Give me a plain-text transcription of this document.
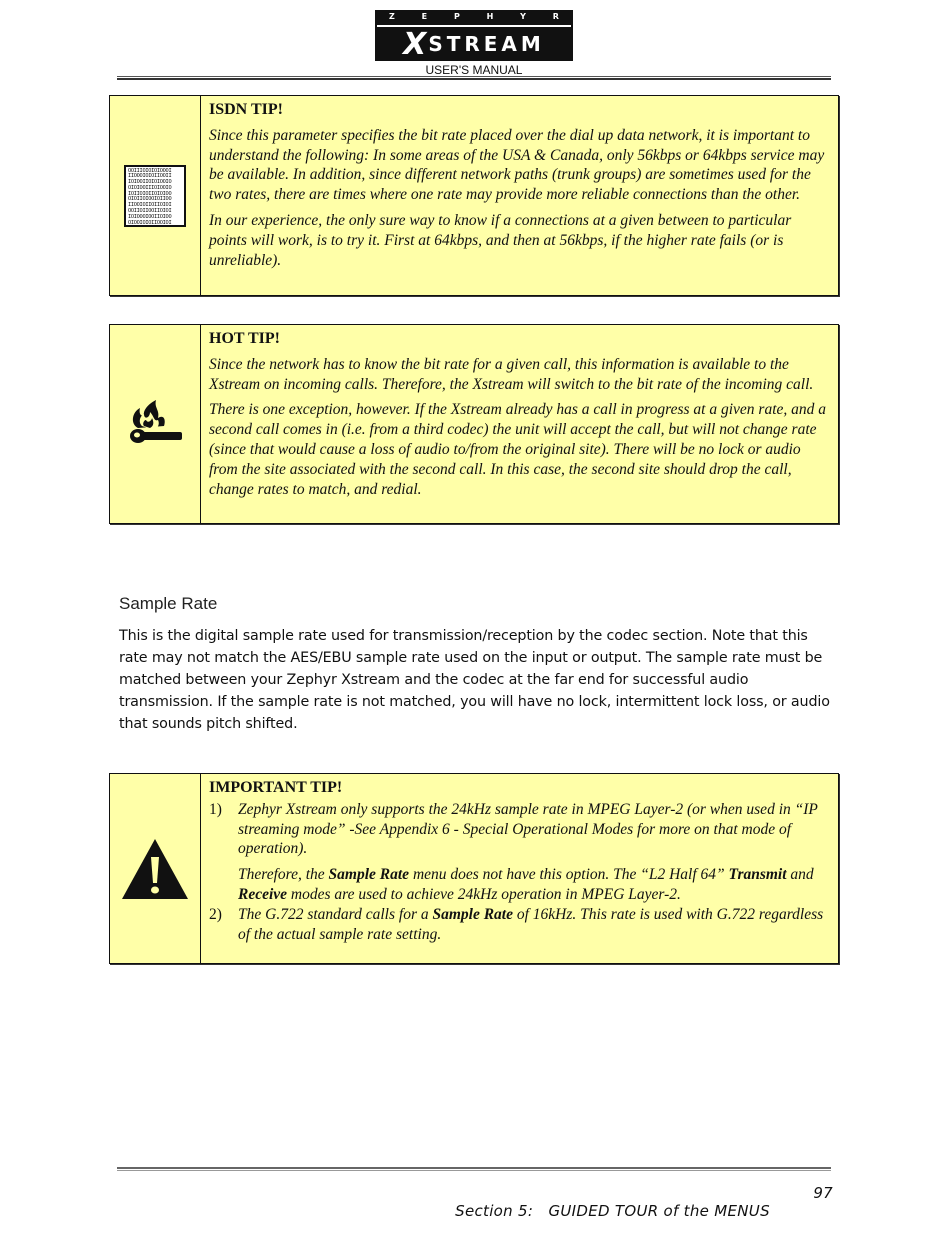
Z	E	P	H	Y	R
X STREAM
USER'S MANUAL
OOIIIOIOIOIOOOI
IIOOOIOIOIIOOII
IOIOOIIOIOIOOIO
OIOIOOIIIOIOOIO
IOIIOIOIIOIOIOO
OIOIIOIOOIOIIOO
IIOOIOIIOIIOIOI
OOIIOIIOOIIOIOI
IOIOOOIOOIIOIOO
OIOOIOIOIIOOIOI
ISDN TIP!

Since this parameter specifies the bit rate placed over the dial up data network, it is important to understand the following: In some areas of the USA & Canada, only 56kbps or 64kbps service may be available. In addition, since different network paths (trunk groups) are sometimes used for the two rates, there are times where one rate may provide more reliable connections than the other.

In our experience, the only sure way to know if a connections at a given between to particular points will work, is to try it. First at 64kbps, and then at 56kbps, if the higher rate fails (or is unreliable).

HOT TIP!

Since the network has to know the bit rate for a given call, this information is available to the Xstream on incoming calls. Therefore, the Xstream will switch to the bit rate of the incoming call.

There is one exception, however. If the Xstream already has a call in progress at a given rate, and a second call comes in (i.e. from a third codec) the unit will accept the call, but will not change rate (since that would cause a loss of audio to/from the original site). There will be no lock or audio from the site associated with the second call. In this case, the second site should drop the call, change rates to match, and redial.

Sample Rate
This is the digital sample rate used for transmission/reception by the codec section. Note that this rate may not match the AES/EBU sample rate used on the input or output. The sample rate must be matched between your Zephyr Xstream and the codec at the far end for successful audio transmission. If the sample rate is not matched, you will have no lock, intermittent lock loss, or audio that sounds pitch shifted.
IMPORTANT TIP!
1) Zephyr Xstream only supports the 24kHz sample rate in MPEG Layer-2 (or when used in “IP streaming mode” -See Appendix 6 - Special Operational Modes for more on that mode of operation).

Therefore, the Sample Rate menu does not have this option. The “L2 Half 64” Transmit and Receive modes are used to achieve 24kHz operation in MPEG Layer-2.

2) The G.722 standard calls for a Sample Rate of 16kHz. This rate is used with G.722 regardless of the actual sample rate setting.

Section 5:   GUIDED TOUR of the MENUS

97
